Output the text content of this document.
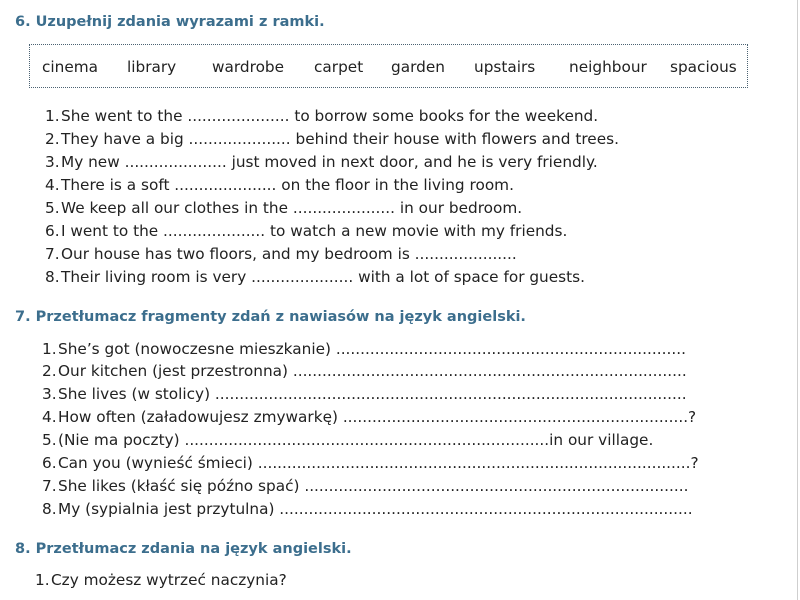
6. Uzupełnij zdania wyrazami z ramki.
cinema library wardrobe carpet garden upstairs neighbour spacious
1. She went to the ..................... to borrow some books for the weekend.
2. They have a big ..................... behind their house with flowers and trees.
3. My new ..................... just moved in next door, and he is very friendly.
4. There is a soft ..................... on the floor in the living room.
5. We keep all our clothes in the ..................... in our bedroom.
6. I went to the ..................... to watch a new movie with my friends.
7. Our house has two floors, and my bedroom is .....................
8. Their living room is very ..................... with a lot of space for guests.
7. Przetłumacz fragmenty zdań z nawiasów na język angielski.
1. She’s got (nowoczesne mieszkanie) ........................................................................
2. Our kitchen (jest przestronna) .................................................................................
3. She lives (w stolicy) .................................................................................................
4. How often (załadowujesz zmywarkę) .......................................................................?
5. (Nie ma poczty) ...........................................................................in our village.
6. Can you (wynieść śmieci) .........................................................................................?
7. She likes (kłaść się późno spać) ...............................................................................
8. My (sypialnia jest przytulna) .....................................................................................
8. Przetłumacz zdania na język angielski.
1. Czy możesz wytrzeć naczynia?
